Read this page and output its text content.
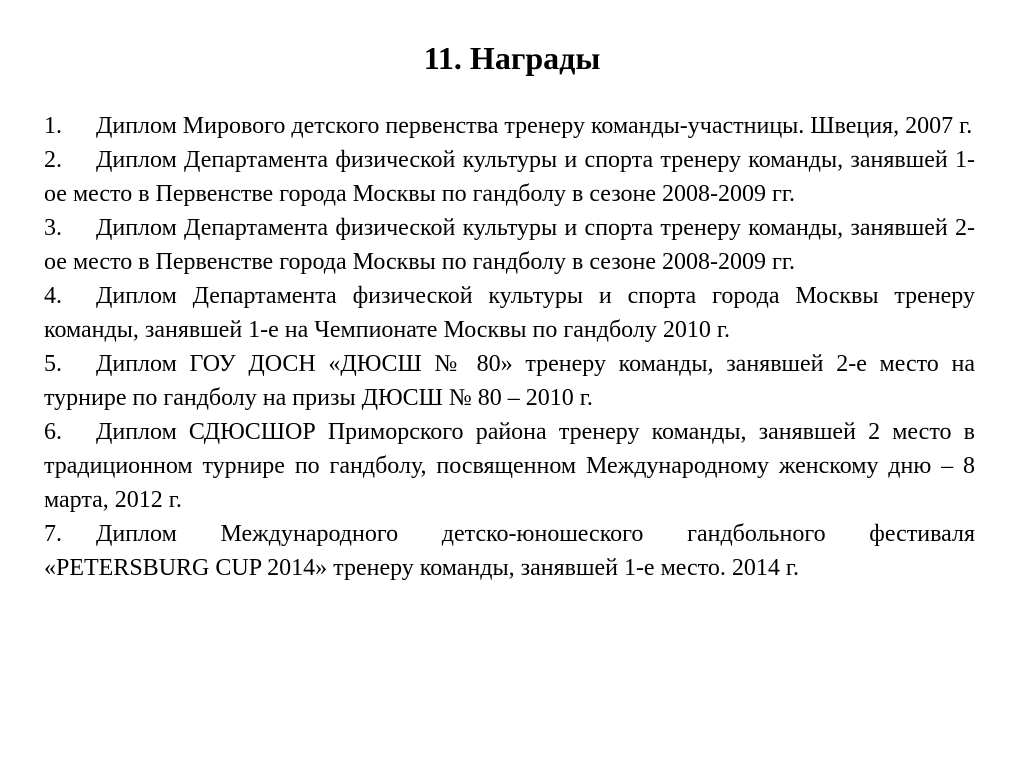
11. Награды
1. Диплом Мирового детского первенства тренеру команды-участницы. Швеция, 2007 г.
2. Диплом Департамента физической культуры и спорта тренеру команды, занявшей 1-ое место в Первенстве города Москвы по гандболу в сезоне 2008-2009 гг.
3. Диплом Департамента физической культуры и спорта тренеру команды, занявшей 2-ое место в Первенстве города Москвы по гандболу в сезоне 2008-2009 гг.
4. Диплом Департамента физической культуры и спорта города Москвы тренеру команды, занявшей 1-е на Чемпионате Москвы по гандболу 2010 г.
5. Диплом ГОУ ДОСН «ДЮСШ № 80» тренеру команды, занявшей 2-е место на турнире по гандболу на призы ДЮСШ № 80 – 2010 г.
6. Диплом СДЮСШОР Приморского района тренеру команды, занявшей 2 место в традиционном турнире по гандболу, посвященном Международному женскому дню – 8 марта, 2012 г.
7. Диплом Международного детско-юношеского гандбольного фестиваля «PETERSBURG CUP 2014» тренеру команды, занявшей 1-е место. 2014 г.
